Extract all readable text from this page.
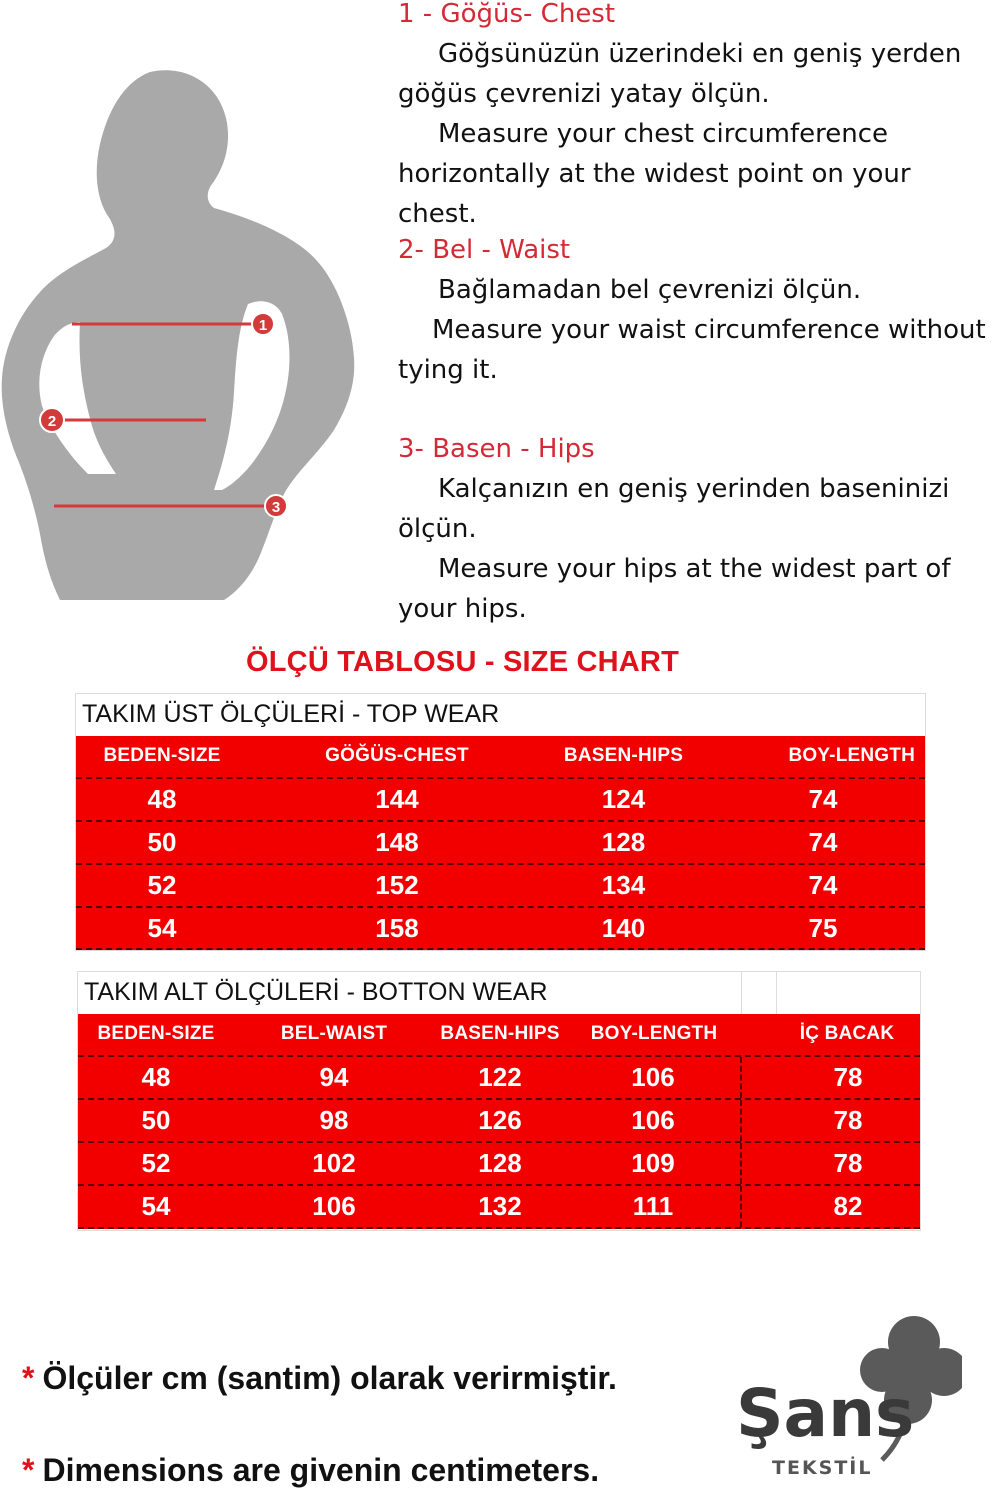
1
2
3
1 - Göğüs- Chest
Göğsünüzün üzerindeki en geniş yerden
göğüs çevrenizi yatay ölçün.
Measure your chest circumference
horizontally at the widest point on your chest.
2- Bel - Waist
Bağlamadan bel çevrenizi ölçün.
Measure your waist circumference without
tying it.
3- Basen - Hips
Kalçanızın en geniş yerinden baseninizi
ölçün.
Measure your hips at the widest part of
your hips.
ÖLÇÜ TABLOSU - SIZE CHART
TAKIM ÜST ÖLÇÜLERİ - TOP WEAR
BEDEN-SIZE	GÖĞÜS-CHEST	BASEN-HIPS	BOY-LENGTH
48	144	124	74
50	148	128	74
52	152	134	74
54	158	140	75
TAKIM ALT ÖLÇÜLERİ - BOTTON WEAR
BEDEN-SIZE	BEL-WAIST	BASEN-HIPS	BOY-LENGTH	İÇ BACAK
48	94	122	106	78
50	98	126	106	78
52	102	128	109	78
54	106	132	111	82
* Ölçüler cm (santim) olarak verirmiştir.
* Dimensions are givenin centimeters.
Şans
TEKSTİL
